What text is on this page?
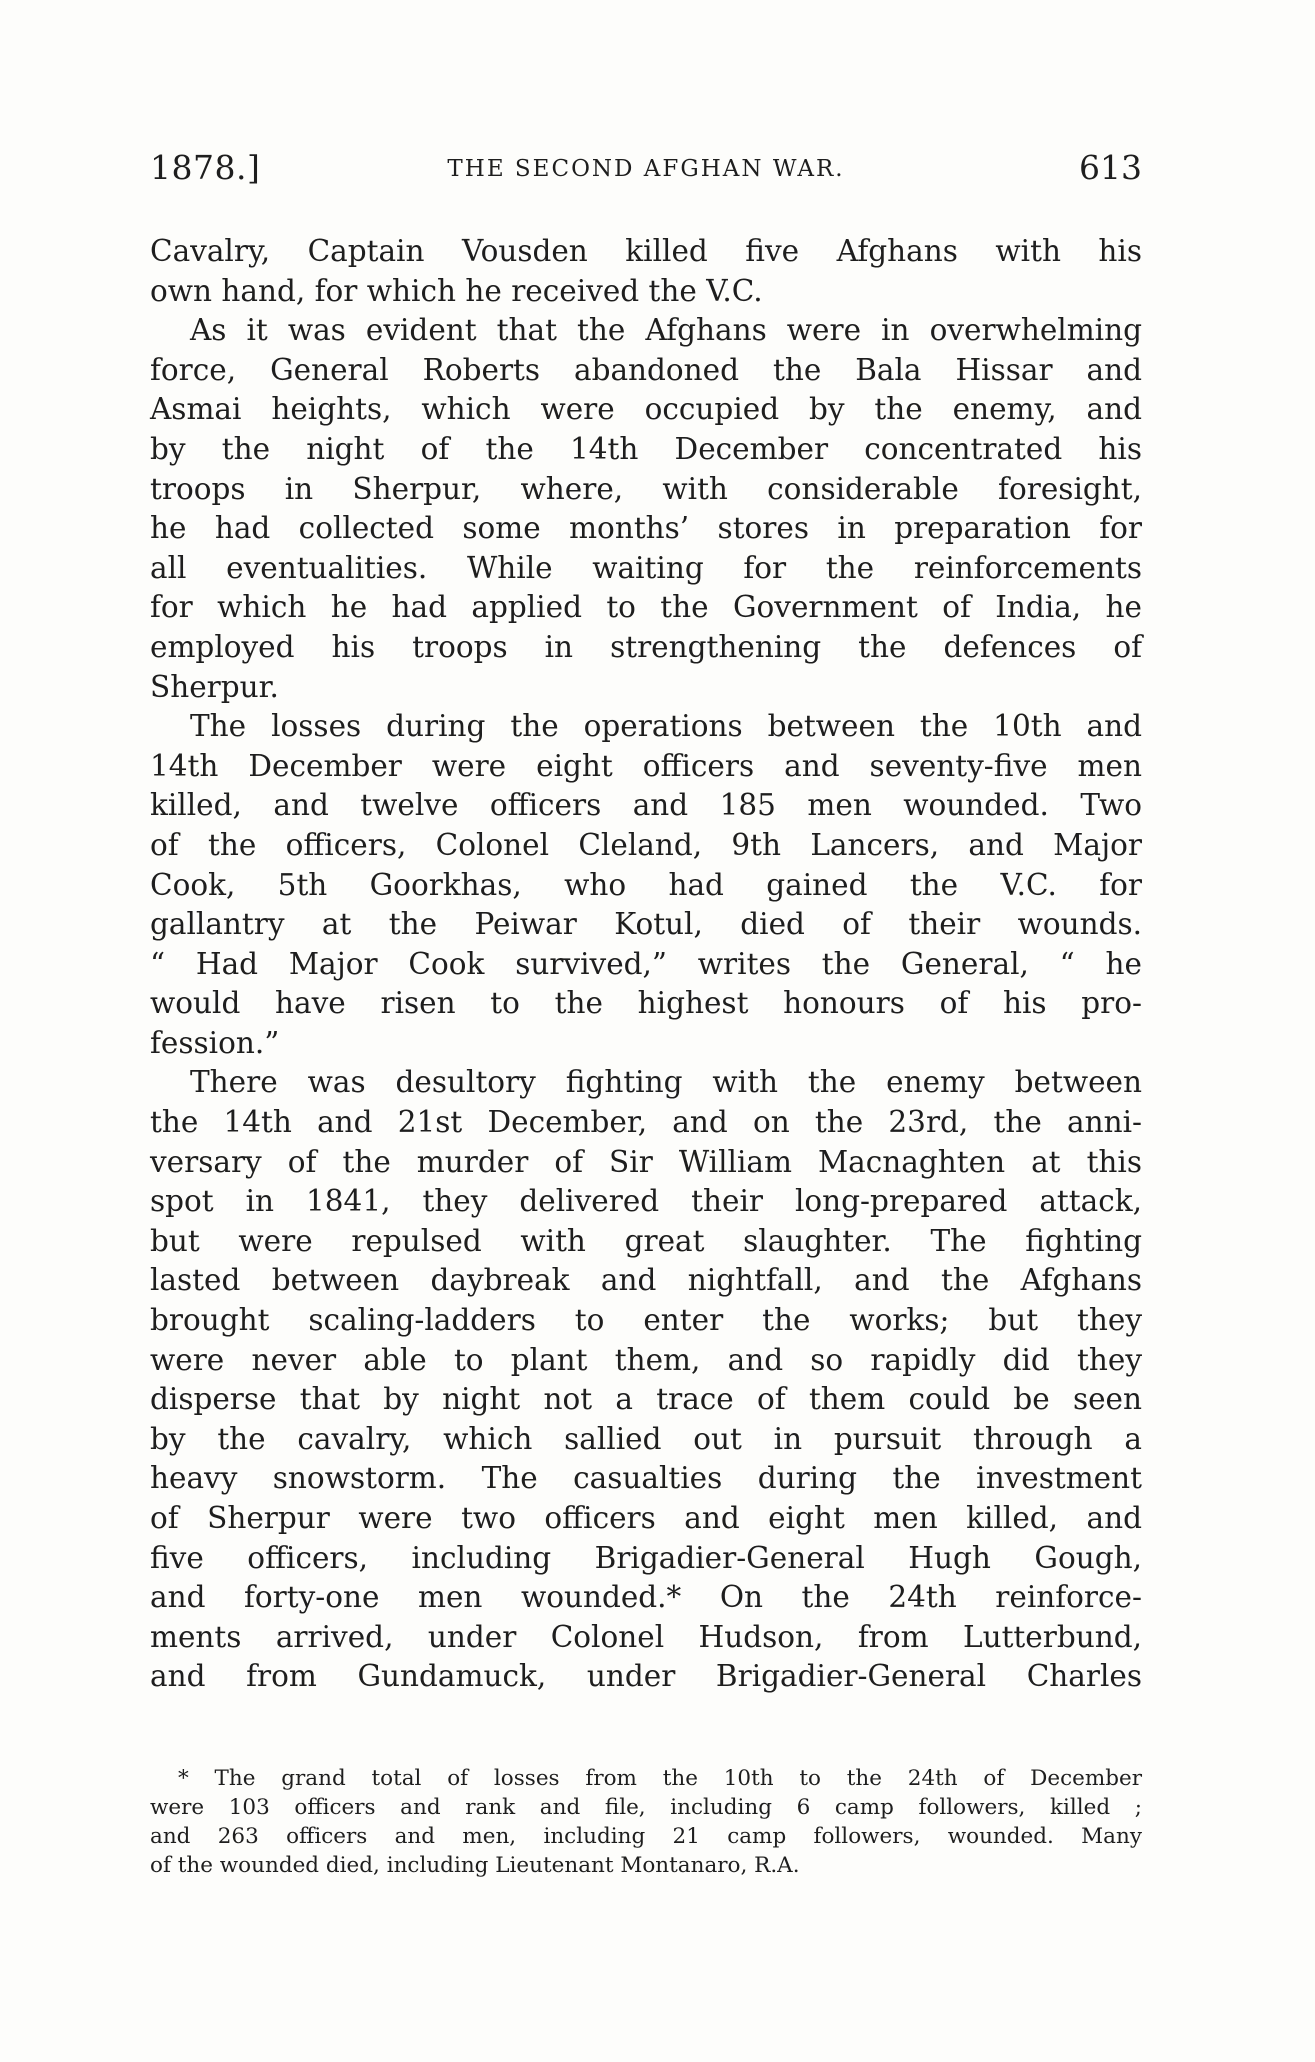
1878.]	THE SECOND AFGHAN WAR.	613
Cavalry, Captain Vousden killed five Afghans with his
own hand, for which he received the V.C.
As it was evident that the Afghans were in overwhelming
force, General Roberts abandoned the Bala Hissar and
Asmai heights, which were occupied by the enemy, and
by the night of the 14th December concentrated his
troops in Sherpur, where, with considerable foresight,
he had collected some months’ stores in preparation for
all eventualities. While waiting for the reinforcements
for which he had applied to the Government of India, he
employed his troops in strengthening the defences of
Sherpur.
The losses during the operations between the 10th and
14th December were eight officers and seventy-five men
killed, and twelve officers and 185 men wounded. Two
of the officers, Colonel Cleland, 9th Lancers, and Major
Cook, 5th Goorkhas, who had gained the V.C. for
gallantry at the Peiwar Kotul, died of their wounds.
“ Had Major Cook survived,” writes the General, “ he
would have risen to the highest honours of his pro-
fession.”
There was desultory fighting with the enemy between
the 14th and 21st December, and on the 23rd, the anni-
versary of the murder of Sir William Macnaghten at this
spot in 1841, they delivered their long-prepared attack,
but were repulsed with great slaughter. The fighting
lasted between daybreak and nightfall, and the Afghans
brought scaling-ladders to enter the works; but they
were never able to plant them, and so rapidly did they
disperse that by night not a trace of them could be seen
by the cavalry, which sallied out in pursuit through a
heavy snowstorm. The casualties during the investment
of Sherpur were two officers and eight men killed, and
five officers, including Brigadier-General Hugh Gough,
and forty-one men wounded.* On the 24th reinforce-
ments arrived, under Colonel Hudson, from Lutterbund,
and from Gundamuck, under Brigadier-General Charles
* The grand total of losses from the 10th to the 24th of December
were 103 officers and rank and file, including 6 camp followers, killed ;
and 263 officers and men, including 21 camp followers, wounded. Many
of the wounded died, including Lieutenant Montanaro, R.A.
